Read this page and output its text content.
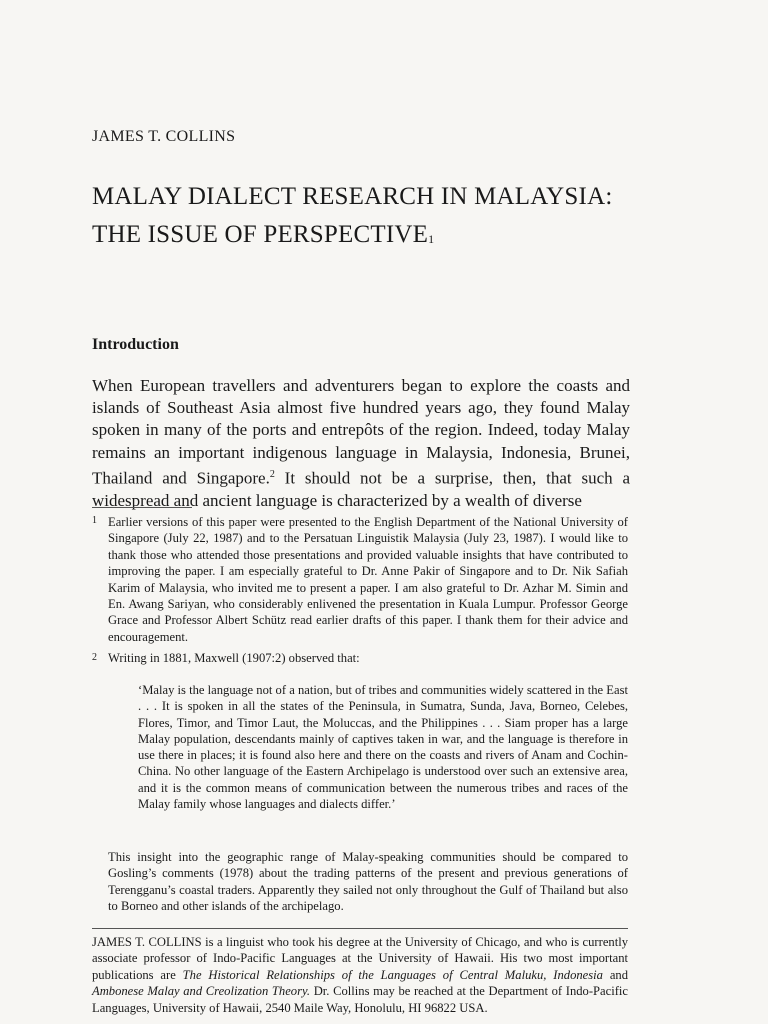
JAMES T. COLLINS
MALAY DIALECT RESEARCH IN MALAYSIA:
THE ISSUE OF PERSPECTIVE$^1$
Introduction

When European travellers and adventurers began to explore the coasts and islands of Southeast Asia almost five hundred years ago, they found Malay spoken in many of the ports and entrepôts of the region. Indeed, today Malay remains an important indigenous language in Malaysia, Indonesia, Brunei, Thailand and Singapore.$^2$ It should not be a surprise, then, that such a widespread and ancient language is characterized by a wealth of diverse

1 Earlier versions of this paper were presented to the English Department of the National University of Singapore (July 22, 1987) and to the Persatuan Linguistik Malaysia (July 23, 1987). I would like to thank those who attended those presentations and provided valuable insights that have contributed to improving the paper. I am especially grateful to Dr. Anne Pakir of Singapore and to Dr. Nik Safiah Karim of Malaysia, who invited me to present a paper. I am also grateful to Dr. Azhar M. Simin and En. Awang Sariyan, who considerably enlivened the presentation in Kuala Lumpur. Professor George Grace and Professor Albert Schütz read earlier drafts of this paper. I thank them for their advice and encouragement.
2 Writing in 1881, Maxwell (1907:2) observed that:
‘Malay is the language not of a nation, but of tribes and communities widely scattered in the East . . . It is spoken in all the states of the Peninsula, in Sumatra, Sunda, Java, Borneo, Celebes, Flores, Timor, and Timor Laut, the Moluccas, and the Philippines . . . Siam proper has a large Malay population, descendants mainly of captives taken in war, and the language is therefore in use there in places; it is found also here and there on the coasts and rivers of Anam and Cochin-China. No other language of the Eastern Archipelago is understood over such an extensive area, and it is the common means of communication between the numerous tribes and races of the Malay family whose languages and dialects differ.’
This insight into the geographic range of Malay-speaking communities should be compared to Gosling’s comments (1978) about the trading patterns of the present and previous generations of Terengganu’s coastal traders. Apparently they sailed not only throughout the Gulf of Thailand but also to Borneo and other islands of the archipelago.
JAMES T. COLLINS is a linguist who took his degree at the University of Chicago, and who is currently associate professor of Indo-Pacific Languages at the University of Hawaii. His two most important publications are The Historical Relationships of the Languages of Central Maluku, Indonesia and Ambonese Malay and Creolization Theory. Dr. Collins may be reached at the Department of Indo-Pacific Languages, University of Hawaii, 2540 Maile Way, Honolulu, HI 96822 USA.
